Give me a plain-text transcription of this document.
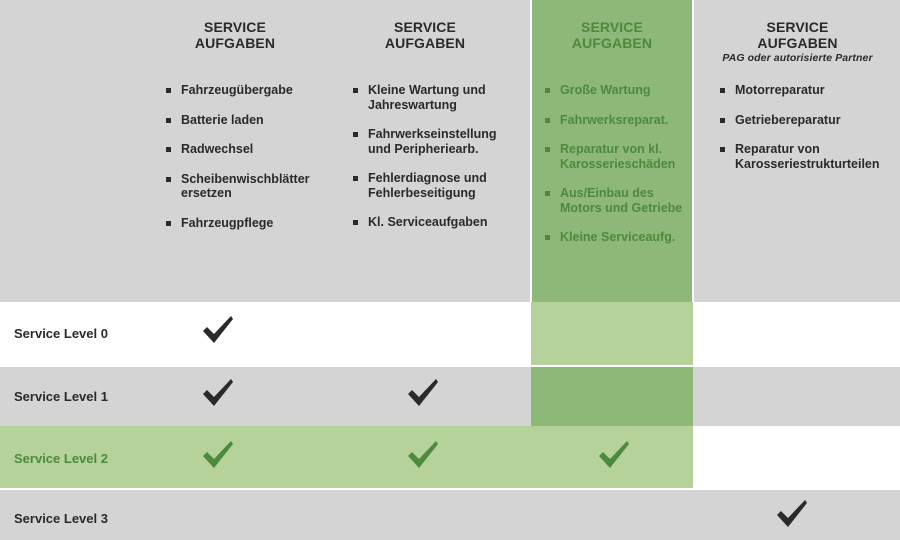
SERVICE
AUFGABEN
Fahrzeugübergabe
Batterie laden
Radwechsel
Scheibenwischblätter ersetzen
Fahrzeugpflege
SERVICE
AUFGABEN
Kleine Wartung und Jahreswartung
Fahrwerkseinstellung und Peripheriearb.
Fehlerdiagnose und Fehlerbeseitigung
Kl. Serviceaufgaben
SERVICE
AUFGABEN
Große Wartung
Fahrwerksreparat.
Reparatur von kl. Karosserieschäden
Aus/Einbau des Motors und Getriebe
Kleine Serviceaufg.
SERVICE
AUFGABEN
PAG oder autorisierte Partner
Motorreparatur
Getriebereparatur
Reparatur von Karosseriestrukturteilen
Service Level 0
Service Level 1
Service Level 2
Service Level 3
